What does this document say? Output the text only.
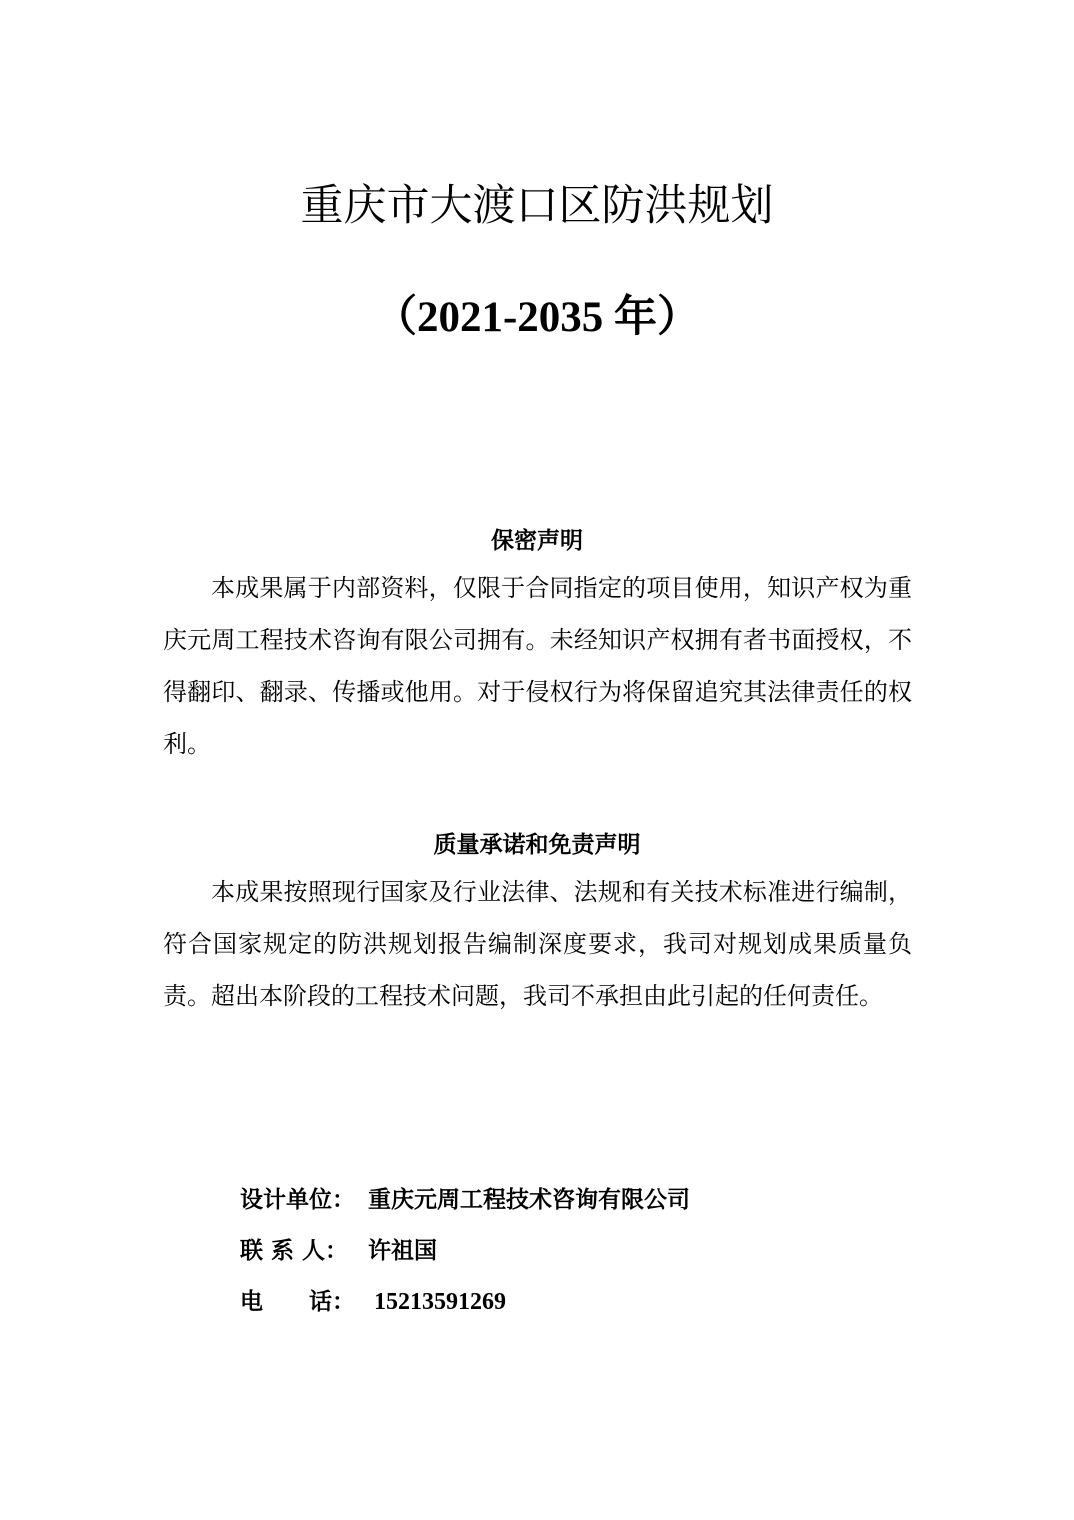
重庆市大渡口区防洪规划
（2021-2035 年）
保密声明

本成果属于内部资料，仅限于合同指定的项目使用，知识产权为重庆元周工程技术咨询有限公司拥有。未经知识产权拥有者书面授权，不得翻印、翻录、传播或他用。对于侵权行为将保留追究其法律责任的权利。

质量承诺和免责声明

本成果按照现行国家及行业法律、法规和有关技术标准进行编制，符合国家规定的防洪规划报告编制深度要求，我司对规划成果质量负责。超出本阶段的工程技术问题，我司不承担由此引起的任何责任。

设计单位： 重庆元周工程技术咨询有限公司
联 系 人： 许祖国
电　　话： 15213591269
